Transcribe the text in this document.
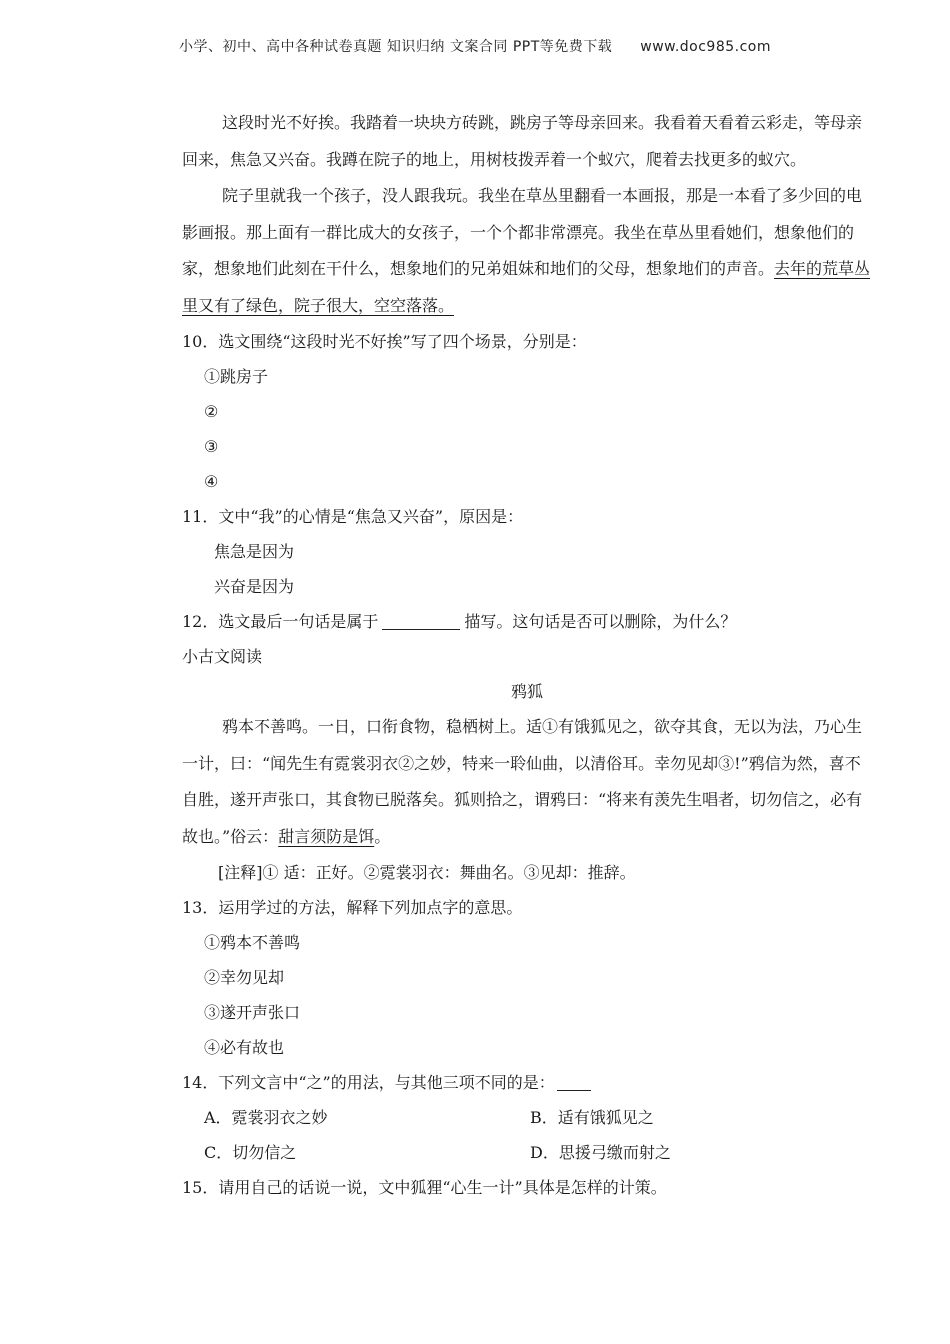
小学、初中、高中各种试卷真题 知识归纳 文案合同 PPT等免费下载 www.doc985.com

这段时光不好挨。我踏着一块块方砖跳，跳房子等母亲回来。我看着天看着云彩走，等母亲回来，焦急又兴奋。我蹲在院子的地上，用树枝拨弄着一个蚁穴，爬着去找更多的蚁穴。

院子里就我一个孩子，没人跟我玩。我坐在草丛里翻看一本画报，那是一本看了多少回的电影画报。那上面有一群比成大的女孩子，一个个都非常漂亮。我坐在草丛里看她们，想象他们的家，想象地们此刻在干什么，想象地们的兄弟姐妹和地们的父母，想象地们的声音。去年的荒草丛里又有了绿色，院子很大，空空落落。

10．选文围绕“这段时光不好挨”写了四个场景，分别是：

①跳房子

②

③

④

11．文中“我”的心情是“焦急又兴奋”，原因是：

焦急是因为

兴奋是因为

12．选文最后一句话是属于	描写。这句话是否可以删除，为什么？

小古文阅读

鸦狐

鸦本不善鸣。一日，口衔食物，稳栖树上。适①有饿狐见之，欲夺其食，无以为法，乃心生一计，曰：“闻先生有霓裳羽衣②之妙，特来一聆仙曲，以清俗耳。幸勿见却③!”鸦信为然，喜不自胜，遂开声张口，其食物已脱落矣。狐则拾之，谓鸦曰：“将来有羡先生唱者，切勿信之，必有故也。”俗云：甜言须防是饵。

[注释]① 适：正好。②霓裳羽衣：舞曲名。③见却：推辞。

13．运用学过的方法，解释下列加点字的意思。

①鸦本不善鸣

②幸勿见却

③遂开声张口

④必有故也

14．下列文言中“之”的用法，与其他三项不同的是：

A．霓裳羽衣之妙	B．适有饿狐见之
C．切勿信之	D．思援弓缴而射之

15．请用自己的话说一说，文中狐狸“心生一计”具体是怎样的计策。
